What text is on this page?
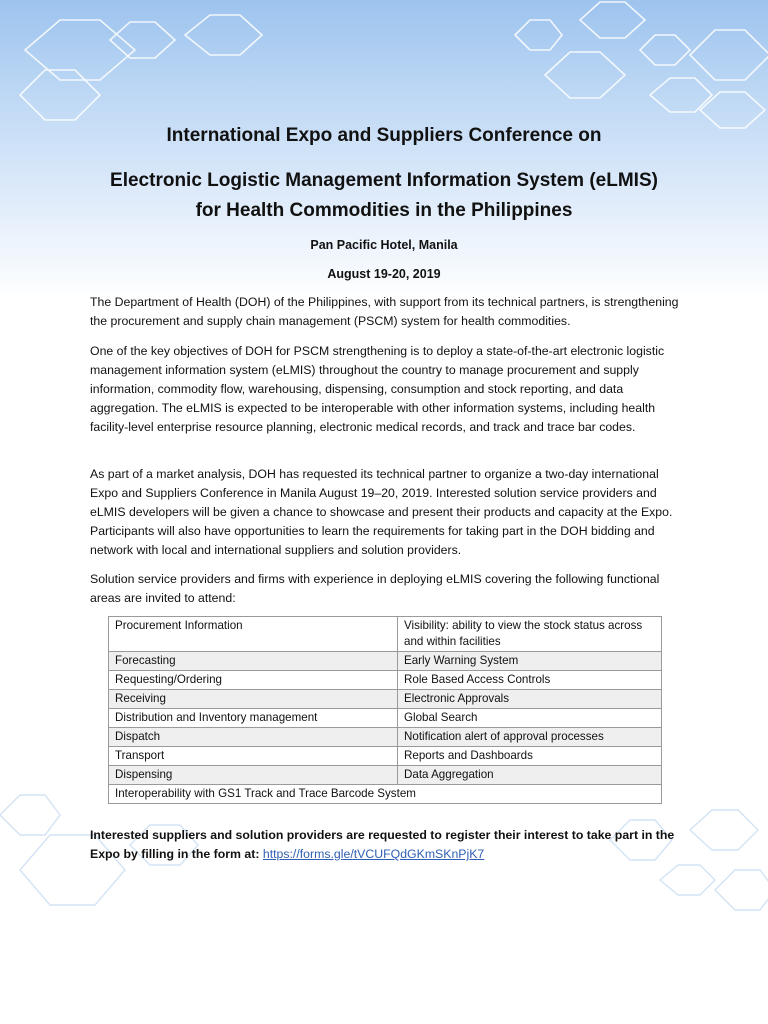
International Expo and Suppliers Conference on
Electronic Logistic Management Information System (eLMIS)
for Health Commodities in the Philippines
Pan Pacific Hotel, Manila
August 19-20, 2019
The Department of Health (DOH) of the Philippines, with support from its technical partners, is strengthening the procurement and supply chain management (PSCM) system for health commodities.
One of the key objectives of DOH for PSCM strengthening is to deploy a state-of-the-art electronic logistic management information system (eLMIS) throughout the country to manage procurement and supply information, commodity flow, warehousing, dispensing, consumption and stock reporting, and data aggregation. The eLMIS is expected to be interoperable with other information systems, including health facility-level enterprise resource planning, electronic medical records, and track and trace bar codes.
As part of a market analysis, DOH has requested its technical partner to organize a two-day international Expo and Suppliers Conference in Manila August 19–20, 2019. Interested solution service providers and eLMIS developers will be given a chance to showcase and present their products and capacity at the Expo. Participants will also have opportunities to learn the requirements for taking part in the DOH bidding and network with local and international suppliers and solution providers.
Solution service providers and firms with experience in deploying eLMIS covering the following functional areas are invited to attend:
Procurement Information	Visibility: ability to view the stock status across and within facilities
Forecasting	Early Warning System
Requesting/Ordering	Role Based Access Controls
Receiving	Electronic Approvals
Distribution and Inventory management	Global Search
Dispatch	Notification alert of approval processes
Transport	Reports and Dashboards
Dispensing	Data Aggregation
Interoperability with GS1 Track and Trace Barcode System	
Interested suppliers and solution providers are requested to register their interest to take part in the Expo by filling in the form at: https://forms.gle/tVCUFQdGKmSKnPjK7
